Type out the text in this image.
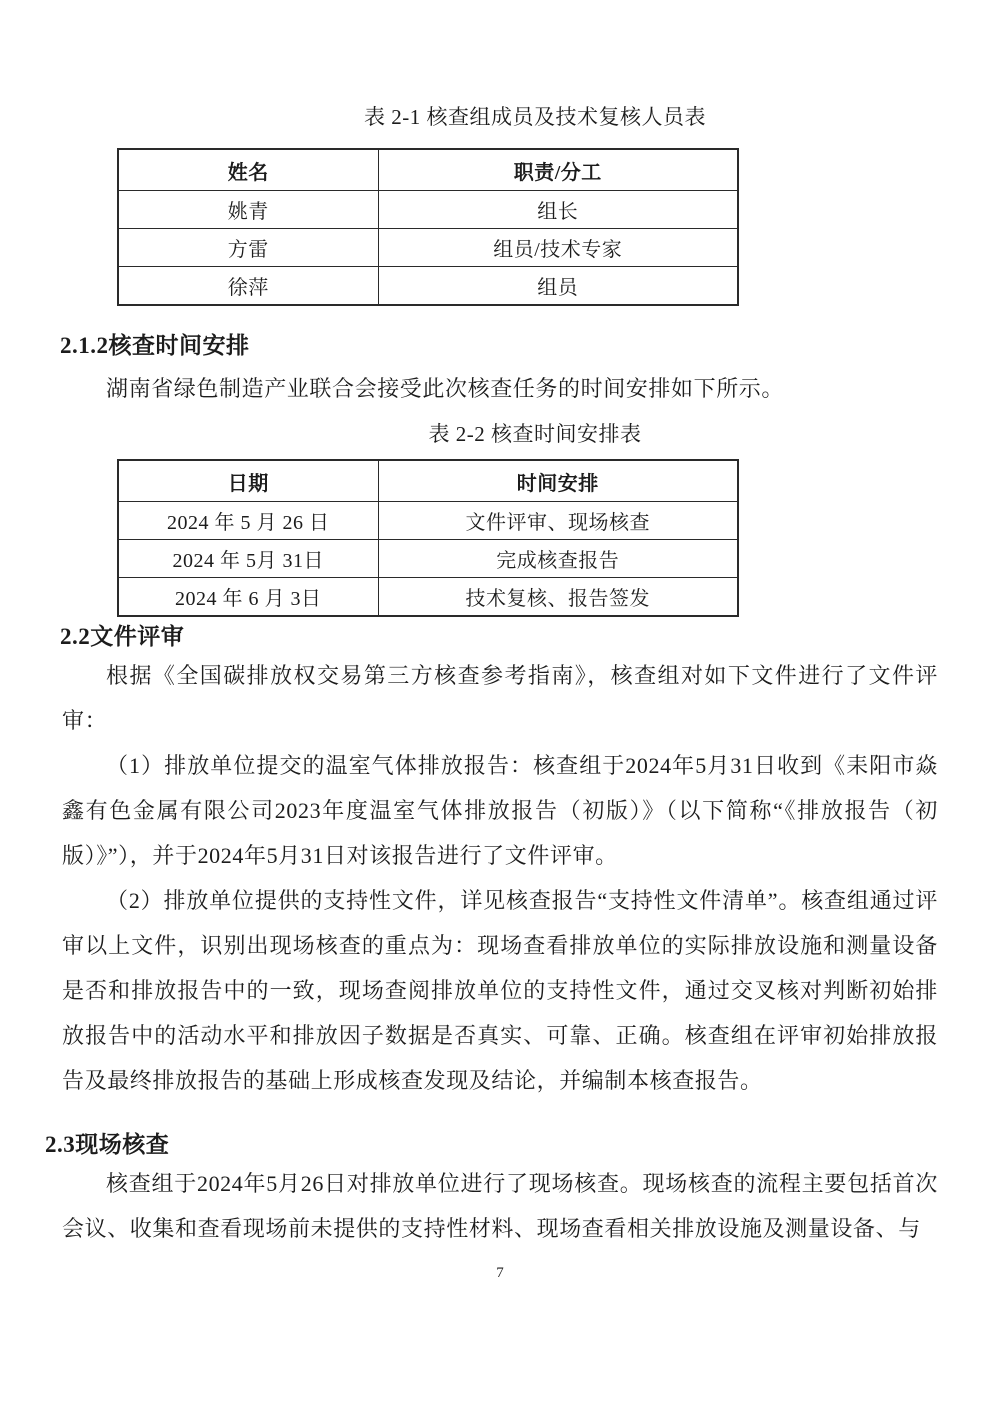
表 2-1 核查组成员及技术复核人员表
姓名	职责/分工
姚青	组长
方雷	组员/技术专家
徐萍	组员
2.1.2核查时间安排
湖南省绿色制造产业联合会接受此次核查任务的时间安排如下所示。
表 2-2 核查时间安排表
日期	时间安排
2024 年 5 月 26 日	文件评审、现场核查
2024 年 5月 31日	完成核查报告
2024 年 6 月 3日	技术复核、报告签发
2.2文件评审
根据《全国碳排放权交易第三方核查参考指南》，核查组对如下文件进行了文件评审：
（1）排放单位提交的温室气体排放报告：核查组于2024年5月31日收到《耒阳市焱鑫有色金属有限公司2023年度温室气体排放报告（初版）》（以下简称“《排放报告（初版）》”），并于2024年5月31日对该报告进行了文件评审。
（2）排放单位提供的支持性文件，详见核查报告“支持性文件清单”。核查组通过评审以上文件，识别出现场核查的重点为：现场查看排放单位的实际排放设施和测量设备是否和排放报告中的一致，现场查阅排放单位的支持性文件，通过交叉核对判断初始排放报告中的活动水平和排放因子数据是否真实、可靠、正确。核查组在评审初始排放报告及最终排放报告的基础上形成核查发现及结论，并编制本核查报告。
2.3现场核查
核查组于2024年5月26日对排放单位进行了现场核查。现场核查的流程主要包括首次会议、收集和查看现场前未提供的支持性材料、现场查看相关排放设施及测量设备、与
7
